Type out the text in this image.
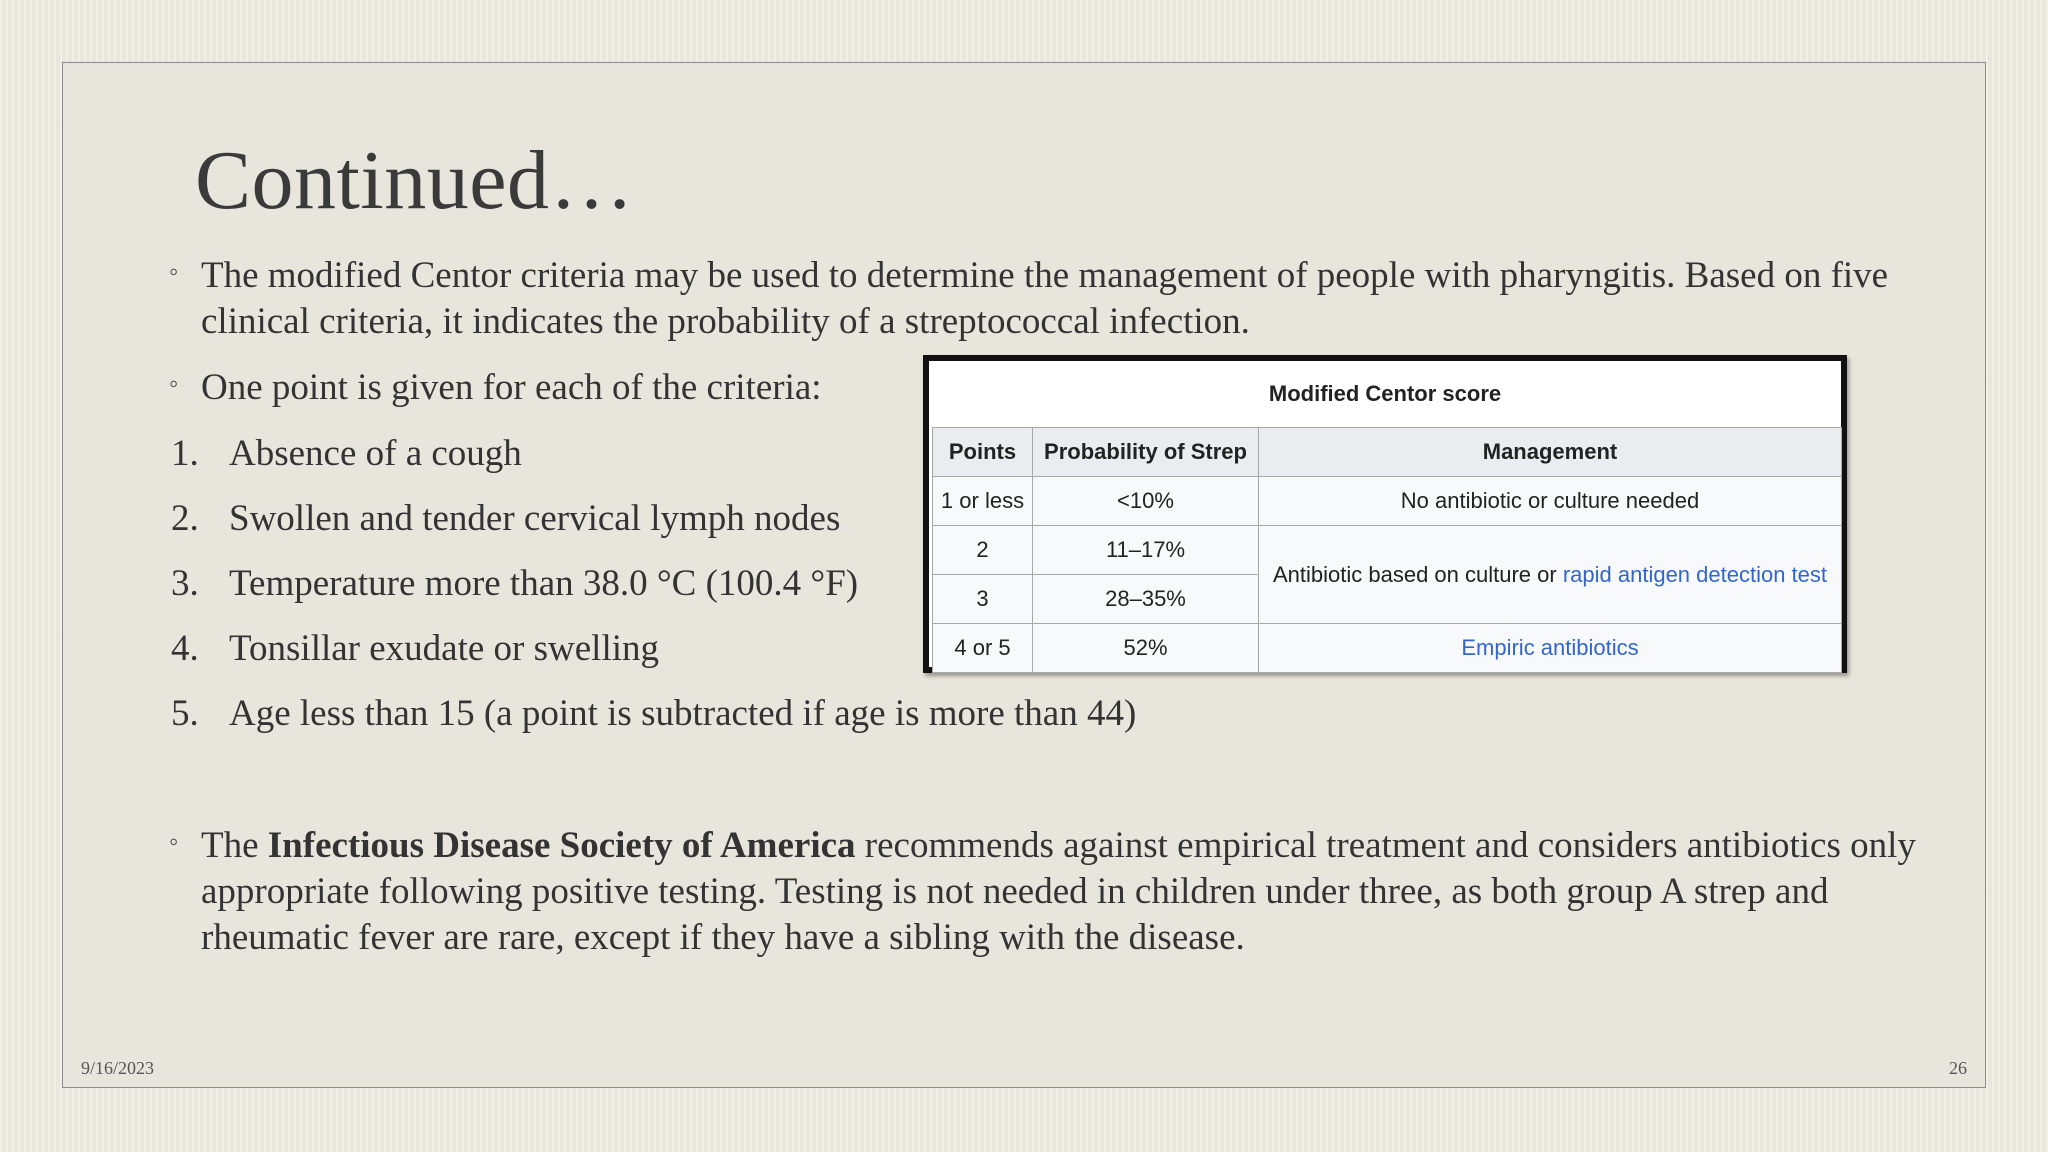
Continued…
◦ The modified Centor criteria may be used to determine the management of people with pharyngitis. Based on five clinical criteria, it indicates the probability of a streptococcal infection.
◦ One point is given for each of the criteria:
1. Absence of a cough
2. Swollen and tender cervical lymph nodes
3. Temperature more than 38.0 °C (100.4 °F)
4. Tonsillar exudate or swelling
5. Age less than 15 (a point is subtracted if age is more than 44)
Modified Centor score
Points	Probability of Strep	Management
1 or less	<10%	No antibiotic or culture needed
2	11–17%	Antibiotic based on culture or rapid antigen detection test
3	28–35%	
4 or 5	52%	Empiric antibiotics
◦ The Infectious Disease Society of America recommends against empirical treatment and considers antibiotics only appropriate following positive testing. Testing is not needed in children under three, as both group A strep and rheumatic fever are rare, except if they have a sibling with the disease.
9/16/2023	26
